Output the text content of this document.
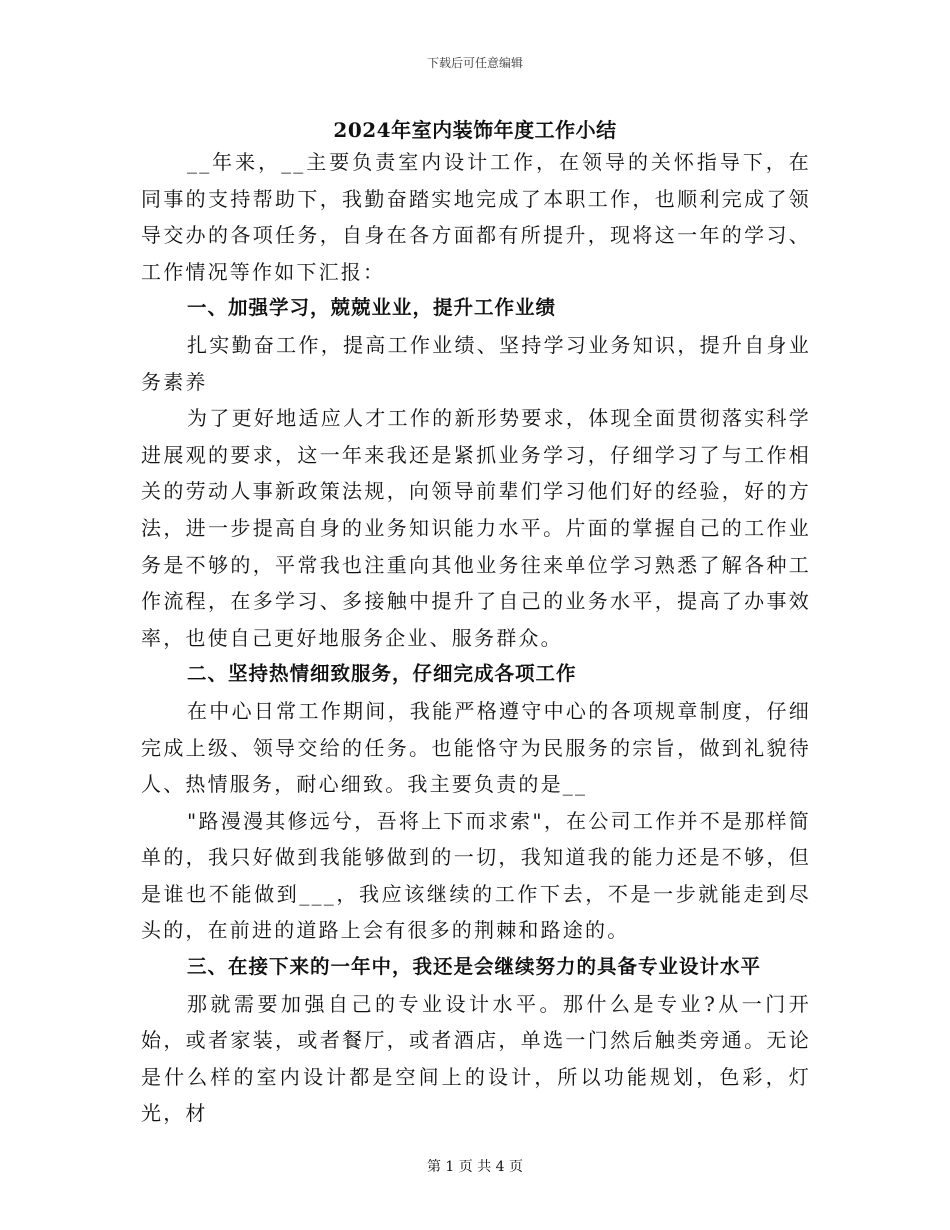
下载后可任意编辑
2024年室内装饰年度工作小结

__年来，__主要负责室内设计工作，在领导的关怀指导下，在同事的支持帮助下，我勤奋踏实地完成了本职工作，也顺利完成了领导交办的各项任务，自身在各方面都有所提升，现将这一年的学习、工作情况等作如下汇报：

一、加强学习，兢兢业业，提升工作业绩

扎实勤奋工作，提高工作业绩、坚持学习业务知识，提升自身业务素养

为了更好地适应人才工作的新形势要求，体现全面贯彻落实科学进展观的要求，这一年来我还是紧抓业务学习，仔细学习了与工作相关的劳动人事新政策法规，向领导前辈们学习他们好的经验，好的方法，进一步提高自身的业务知识能力水平。片面的掌握自己的工作业务是不够的，平常我也注重向其他业务往来单位学习熟悉了解各种工作流程，在多学习、多接触中提升了自己的业务水平，提高了办事效率，也使自己更好地服务企业、服务群众。

二、坚持热情细致服务，仔细完成各项工作

在中心日常工作期间，我能严格遵守中心的各项规章制度，仔细完成上级、领导交给的任务。也能恪守为民服务的宗旨，做到礼貌待人、热情服务，耐心细致。我主要负责的是__

"路漫漫其修远兮，吾将上下而求索"，在公司工作并不是那样简单的，我只好做到我能够做到的一切，我知道我的能力还是不够，但是谁也不能做到___，我应该继续的工作下去，不是一步就能走到尽头的，在前进的道路上会有很多的荆棘和路途的。

三、在接下来的一年中，我还是会继续努力的具备专业设计水平

那就需要加强自己的专业设计水平。那什么是专业?从一门开始，或者家装，或者餐厅，或者酒店，单选一门然后触类旁通。无论是什么样的室内设计都是空间上的设计，所以功能规划，色彩，灯光，材

第 1 页 共 4 页
